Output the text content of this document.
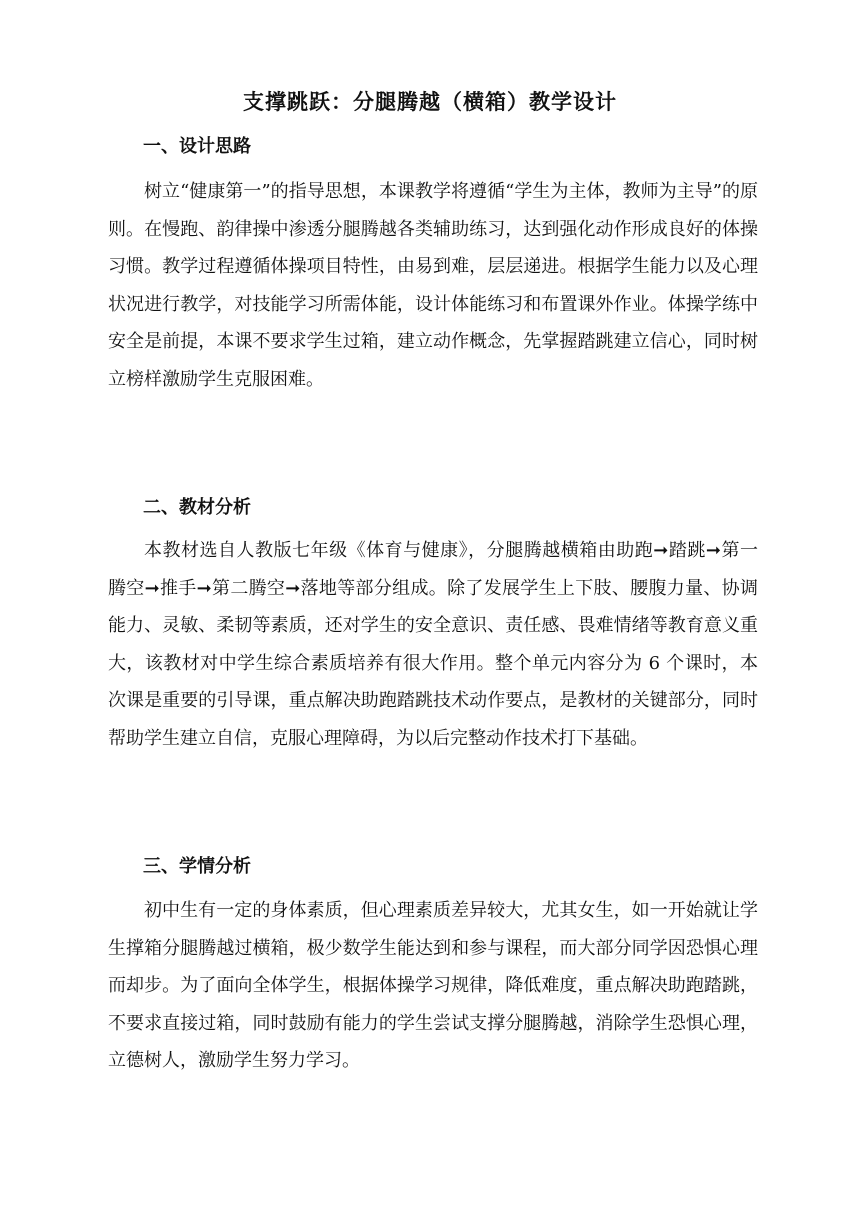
支撑跳跃：分腿腾越（横箱）教学设计
一、设计思路

树立“健康第一”的指导思想，本课教学将遵循“学生为主体，教师为主导”的原则。在慢跑、韵律操中渗透分腿腾越各类辅助练习，达到强化动作形成良好的体操习惯。教学过程遵循体操项目特性，由易到难，层层递进。根据学生能力以及心理状况进行教学，对技能学习所需体能，设计体能练习和布置课外作业。体操学练中安全是前提，本课不要求学生过箱，建立动作概念，先掌握踏跳建立信心，同时树立榜样激励学生克服困难。

二、教材分析

本教材选自人教版七年级《体育与健康》，分腿腾越横箱由助跑➞踏跳➞第一腾空➞推手➞第二腾空➞落地等部分组成。除了发展学生上下肢、腰腹力量、协调能力、灵敏、柔韧等素质，还对学生的安全意识、责任感、畏难情绪等教育意义重大，该教材对中学生综合素质培养有很大作用。整个单元内容分为 6 个课时，本次课是重要的引导课，重点解决助跑踏跳技术动作要点，是教材的关键部分，同时帮助学生建立自信，克服心理障碍，为以后完整动作技术打下基础。

三、学情分析

初中生有一定的身体素质，但心理素质差异较大，尤其女生，如一开始就让学生撑箱分腿腾越过横箱，极少数学生能达到和参与课程，而大部分同学因恐惧心理而却步。为了面向全体学生，根据体操学习规律，降低难度，重点解决助跑踏跳，不要求直接过箱，同时鼓励有能力的学生尝试支撑分腿腾越，消除学生恐惧心理，立德树人，激励学生努力学习。
